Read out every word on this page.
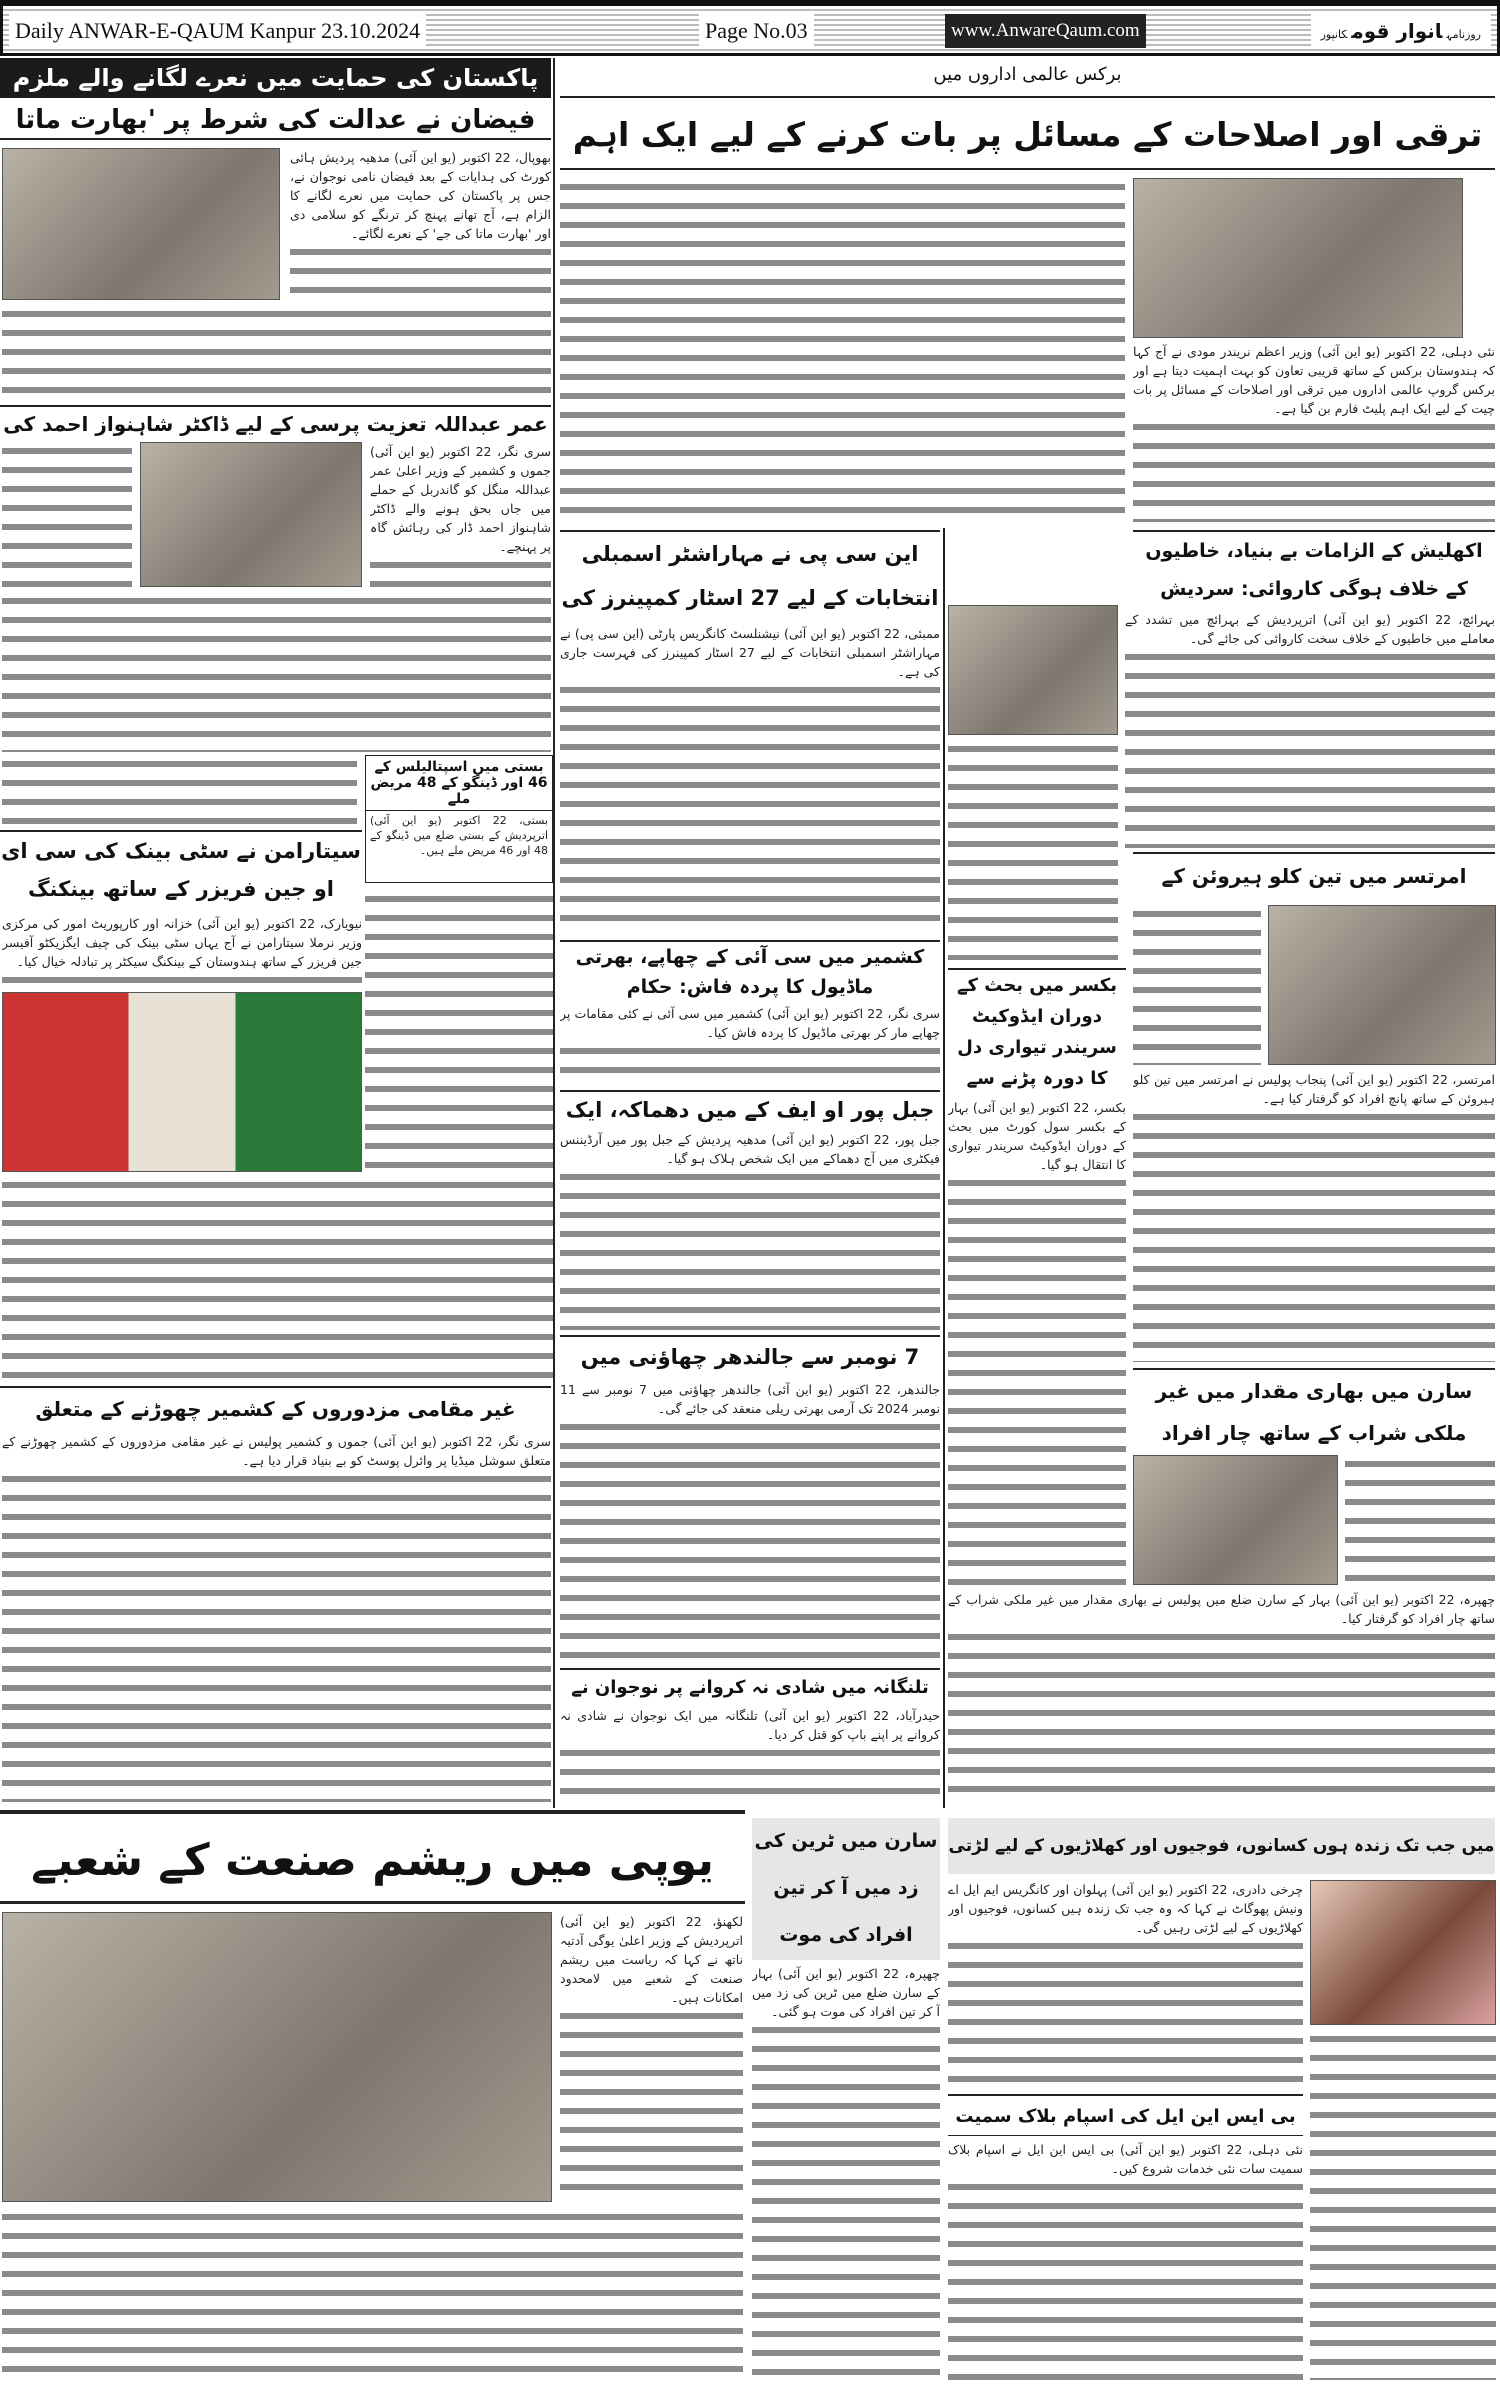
Daily ANWAR-E-QAUM Kanpur 23.10.2024	Page No.03	www.AnwareQaum.com	روزنامہانوار قومکانپور
پاکستان کی حمایت میں نعرے لگانے والے ملزم
فیضان نے عدالت کی شرط پر 'بھارت ماتا
بھوپال، 22 اکتوبر (یو این آئی) مدھیہ پردیش ہائی کورٹ کی ہدایات کے بعد فیضان نامی نوجوان نے، جس پر پاکستان کی حمایت میں نعرے لگانے کا الزام ہے، آج تھانے پہنچ کر ترنگے کو سلامی دی اور 'بھارت ماتا کی جے' کے نعرے لگائے۔
عمر عبداللہ تعزیت پرسی کے لیے ڈاکٹر شاہنواز احمد کی
سری نگر، 22 اکتوبر (یو این آئی) جموں و کشمیر کے وزیر اعلیٰ عمر عبداللہ منگل کو گاندربل کے حملے میں جاں بحق ہونے والے ڈاکٹر شاہنواز احمد ڈار کی رہائش گاہ پر پہنچے۔
بستی میں اسپتالیلس کے 46 اور ڈینگو کے 48 مریض ملے
بستی، 22 اکتوبر (یو این آئی) اترپردیش کے بستی ضلع میں ڈینگو کے 48 اور 46 مریض ملے ہیں۔
سیتارامن نے سٹی بینک کی سی ای او جین فریزر کے ساتھ بینکنگ
نیویارک، 22 اکتوبر (یو این آئی) خزانہ اور کارپوریٹ امور کی مرکزی وزیر نرملا سیتارامن نے آج یہاں سٹی بینک کی چیف ایگزیکٹو آفیسر جین فریزر کے ساتھ ہندوستان کے بینکنگ سیکٹر پر تبادلہ خیال کیا۔
غیر مقامی مزدوروں کے کشمیر چھوڑنے کے متعلق
سری نگر، 22 اکتوبر (یو این آئی) جموں و کشمیر پولیس نے غیر مقامی مزدوروں کے کشمیر چھوڑنے کے متعلق سوشل میڈیا پر وائرل پوسٹ کو بے بنیاد قرار دیا ہے۔
برکس عالمی اداروں میں
ترقی اور اصلاحات کے مسائل پر بات کرنے کے لیے ایک اہم
نئی دہلی، 22 اکتوبر (یو این آئی) وزیر اعظم نریندر مودی نے آج کہا کہ ہندوستان برکس کے ساتھ قریبی تعاون کو بہت اہمیت دیتا ہے اور برکس گروپ عالمی اداروں میں ترقی اور اصلاحات کے مسائل پر بات چیت کے لیے ایک اہم پلیٹ فارم بن گیا ہے۔
این سی پی نے مہاراشٹر اسمبلی انتخابات کے لیے 27 اسٹار کمپینرز کی
ممبئی، 22 اکتوبر (یو این آئی) نیشنلسٹ کانگریس پارٹی (این سی پی) نے مہاراشٹر اسمبلی انتخابات کے لیے 27 اسٹار کمپینرز کی فہرست جاری کی ہے۔
کشمیر میں سی آئی کے چھاپے، بھرتی ماڈیول کا پردہ فاش: حکام
سری نگر، 22 اکتوبر (یو این آئی) کشمیر میں سی آئی نے کئی مقامات پر چھاپے مار کر بھرتی ماڈیول کا پردہ فاش کیا۔
جبل پور او ایف کے میں دھماکہ، ایک
جبل پور، 22 اکتوبر (یو این آئی) مدھیہ پردیش کے جبل پور میں آرڈیننس فیکٹری میں آج دھماکے میں ایک شخص ہلاک ہو گیا۔
7 نومبر سے جالندھر چھاؤنی میں
جالندھر، 22 اکتوبر (یو این آئی) جالندھر چھاؤنی میں 7 نومبر سے 11 نومبر 2024 تک آرمی بھرتی ریلی منعقد کی جائے گی۔
تلنگانہ میں شادی نہ کروانے پر نوجوان نے
حیدرآباد، 22 اکتوبر (یو این آئی) تلنگانہ میں ایک نوجوان نے شادی نہ کروانے پر اپنے باپ کو قتل کر دیا۔
اکھلیش کے الزامات بے بنیاد، خاطیوں کے خلاف ہوگی کاروائی: سردیش
بہرائچ، 22 اکتوبر (یو این آئی) اترپردیش کے بہرائچ میں تشدد کے معاملے میں خاطیوں کے خلاف سخت کاروائی کی جائے گی۔
امرتسر میں تین کلو ہیروئن کے
امرتسر، 22 اکتوبر (یو این آئی) پنجاب پولیس نے امرتسر میں تین کلو ہیروئن کے ساتھ پانچ افراد کو گرفتار کیا ہے۔
بکسر میں بحث کے دوران ایڈوکیٹ سریندر تیواری دل کا دورہ پڑنے سے
بکسر، 22 اکتوبر (یو این آئی) بہار کے بکسر سول کورٹ میں بحث کے دوران ایڈوکیٹ سریندر تیواری کا انتقال ہو گیا۔
سارن میں بھاری مقدار میں غیر ملکی شراب کے ساتھ چار افراد
چھپرہ، 22 اکتوبر (یو این آئی) بہار کے سارن ضلع میں پولیس نے بھاری مقدار میں غیر ملکی شراب کے ساتھ چار افراد کو گرفتار کیا۔
یوپی میں ریشم صنعت کے شعبے
لکھنؤ، 22 اکتوبر (یو این آئی) اترپردیش کے وزیر اعلیٰ یوگی آدتیہ ناتھ نے کہا کہ ریاست میں ریشم صنعت کے شعبے میں لامحدود امکانات ہیں۔
سارن میں ٹرین کی زد میں آ کر تین افراد کی موت
چھپرہ، 22 اکتوبر (یو این آئی) بہار کے سارن ضلع میں ٹرین کی زد میں آ کر تین افراد کی موت ہو گئی۔
میں جب تک زندہ ہوں کسانوں، فوجیوں اور کھلاڑیوں کے لیے لڑتی
چرخی دادری، 22 اکتوبر (یو این آئی) پہلوان اور کانگریس ایم ایل اے ونیش پھوگاٹ نے کہا کہ وہ جب تک زندہ ہیں کسانوں، فوجیوں اور کھلاڑیوں کے لیے لڑتی رہیں گی۔
بی ایس این ایل کی اسپام بلاک سمیت
نئی دہلی، 22 اکتوبر (یو این آئی) بی ایس این ایل نے اسپام بلاک سمیت سات نئی خدمات شروع کیں۔
